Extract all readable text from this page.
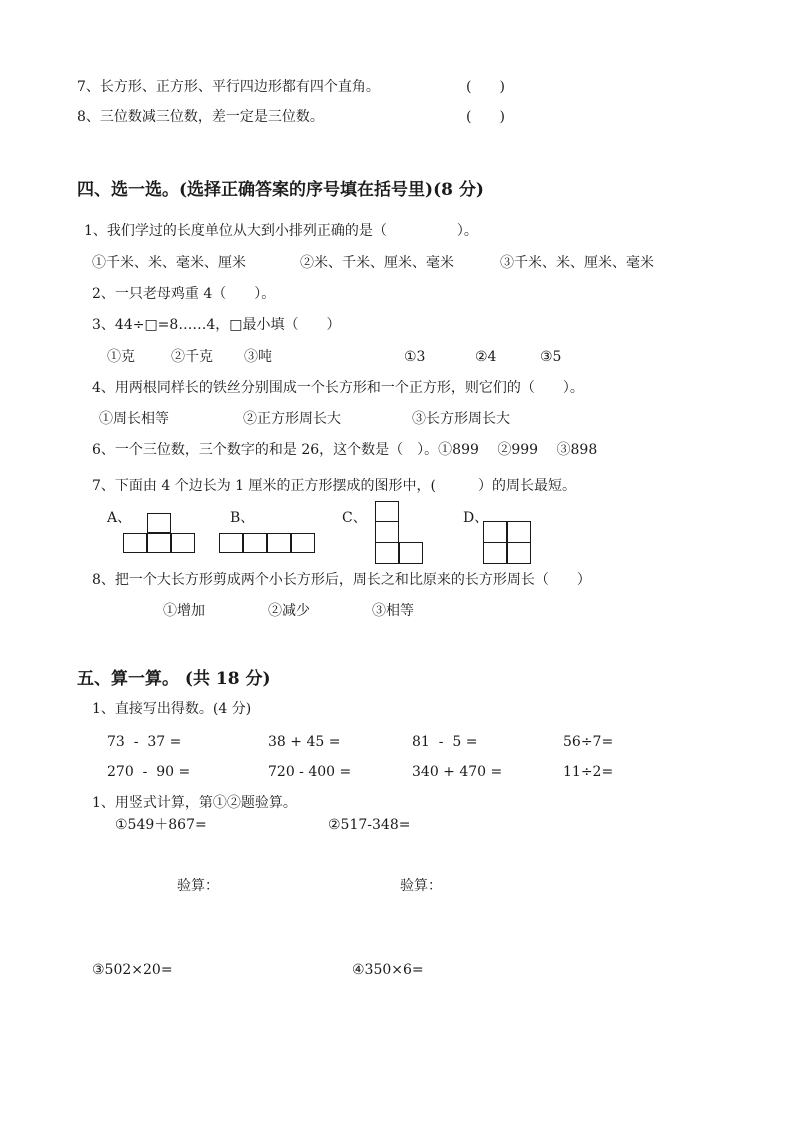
7、长方形、正方形、平行四边形都有四个直角。	(　　)
8、三位数减三位数，差一定是三位数。	(　　)
四、选一选。(选择正确答案的序号填在括号里)(8 分)
1、我们学过的长度单位从大到小排列正确的是（　　　　　）。
①千米、米、毫米、厘米	②米、千米、厘米、毫米	③千米、米、厘米、毫米
2、一只老母鸡重 4（　　）。
3、44÷□=8……4，□最小填（　　）
①克	②千克 ③吨	①3	②4	③5
4、用两根同样长的铁丝分别围成一个长方形和一个正方形，则它们的（　　）。
①周长相等	②正方形周长大	③长方形周长大
6、一个三位数，三个数字的和是 26，这个数是（　）。①899　 ②999　 ③898
7、下面由 4 个边长为 1 厘米的正方形摆成的图形中，(　　　）的周长最短。
A、	B、	C、	D、
8、把一个大长方形剪成两个小长方形后，周长之和比原来的长方形周长（　　）
①增加	②减少	③相等
五、算一算。 (共 18 分)
1、直接写出得数。(4 分)
73  -  37 =	38 + 45 =	81  -  5 =	56÷7=
270  -  90 =	720 - 400 =	340 + 470 =	11÷2=
1、用竖式计算，第①②题验算。
①549＋867=	②517-348=
验算：	验算：
③502×20=	④350×6=
